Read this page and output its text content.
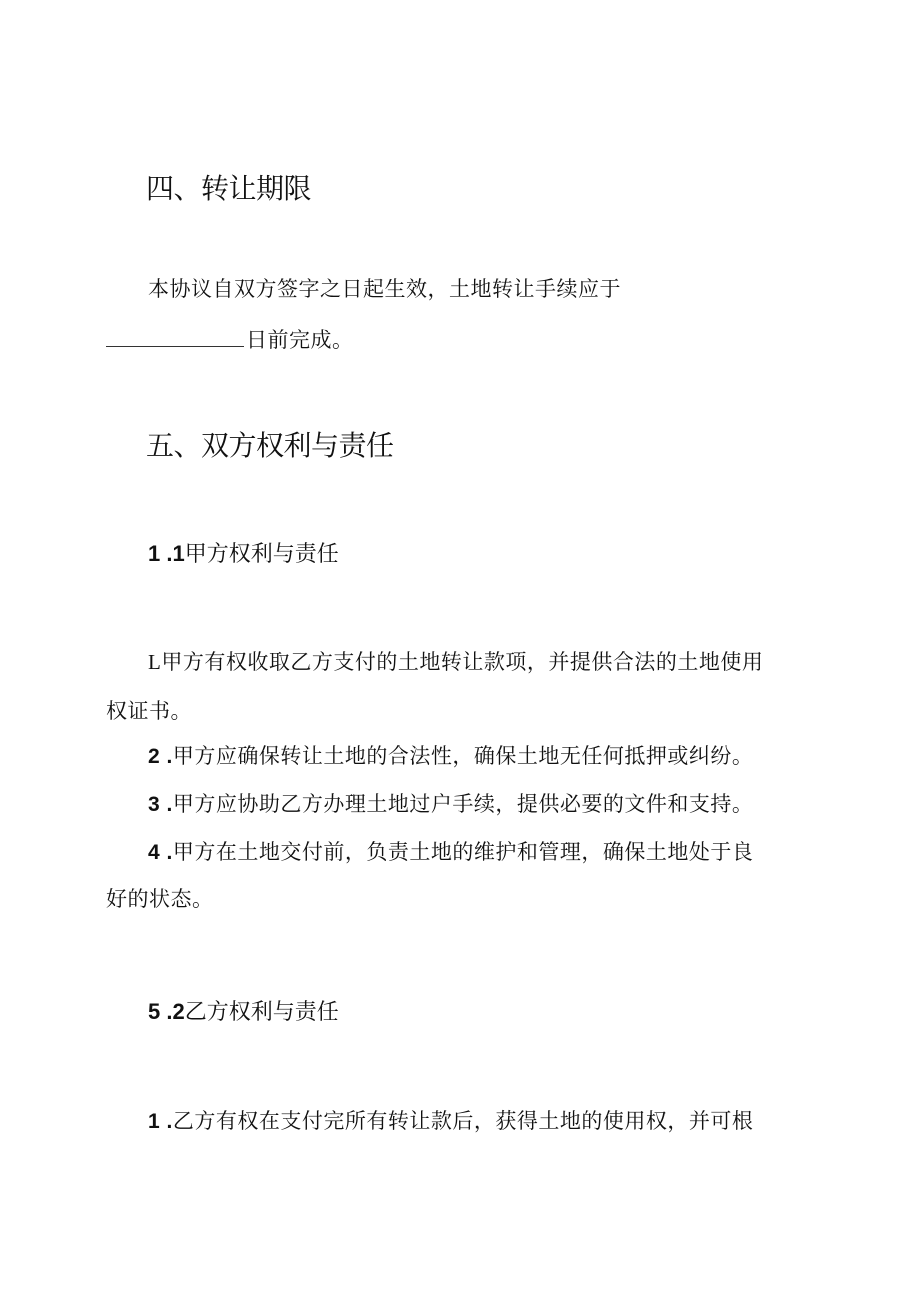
四、转让期限
本协议自双方签字之日起生效，土地转让手续应于
日前完成。
五、双方权利与责任
1 .1甲方权利与责任
L甲方有权收取乙方支付的土地转让款项，并提供合法的土地使用
权证书。
2 .甲方应确保转让土地的合法性，确保土地无任何抵押或纠纷。
3 .甲方应协助乙方办理土地过户手续，提供必要的文件和支持。
4 .甲方在土地交付前，负责土地的维护和管理，确保土地处于良
好的状态。
5 .2乙方权利与责任
1 .乙方有权在支付完所有转让款后，获得土地的使用权，并可根
